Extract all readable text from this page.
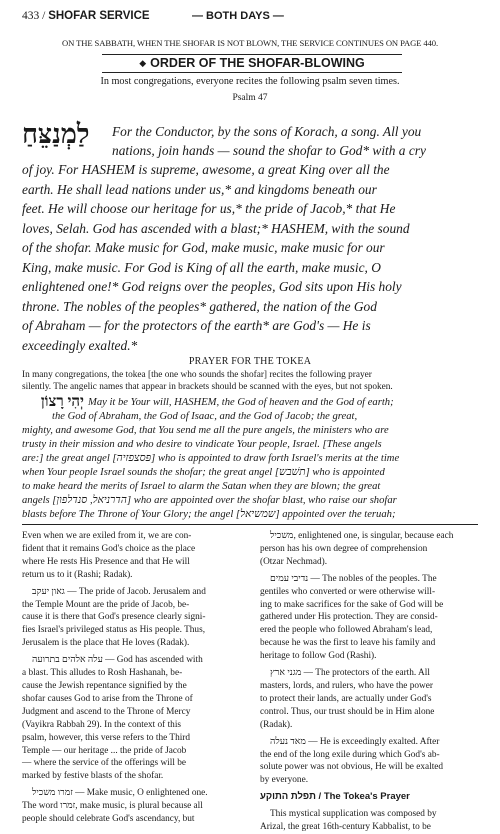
433 / SHOFAR SERVICE	— BOTH DAYS —
ON THE SABBATH, WHEN THE SHOFAR IS NOT BLOWN, THE SERVICE CONTINUES ON PAGE 440.
◆ ORDER OF THE SHOFAR-BLOWING
In most congregations, everyone recites the following psalm seven times.
Psalm 47
לַמְנַצֵּחַ For the Conductor, by the sons of Korach, a song. All you
nations, join hands — sound the shofar to God* with a cry
of joy. For HASHEM is supreme, awesome, a great King over all the
earth. He shall lead nations under us,* and kingdoms beneath our
feet. He will choose our heritage for us,* the pride of Jacob,* that He
loves, Selah. God has ascended with a blast;* HASHEM, with the sound
of the shofar. Make music for God, make music, make music for our
King, make music. For God is King of all the earth, make music, O
enlightened one!* God reigns over the peoples, God sits upon His holy
throne. The nobles of the peoples* gathered, the nation of the God
of Abraham — for the protectors of the earth* are God's — He is
exceedingly exalted.*
PRAYER FOR THE TOKEA
In many congregations, the tokea [the one who sounds the shofar] recites the following prayer
silently. The angelic names that appear in brackets should be scanned with the eyes, but not spoken.
יְהִי רָצוֹן May it be Your will, HASHEM, the God of heaven and the God of earth;
the God of Abraham, the God of Isaac, and the God of Jacob; the great,
mighty, and awesome God, that You send me all the pure angels, the ministers who are
trusty in their mission and who desire to vindicate Your people, Israel. [These angels
are:] the great angel [פּסצפזיה] who is appointed to draw forth Israel's merits at the time
when Your people Israel sounds the shofar; the great angel [תשׁבש] who is appointed
to make heard the merits of Israel to alarm the Satan when they are blown; the great
angels [הדרניאל, סנדלפון] who are appointed over the shofar blast, who raise our shofar
blasts before The Throne of Your Glory; the angel [שמשיאל] appointed over the teruah;

Even when we are exiled from it, we are con-

fident that it remains God's choice as the place

where He rests His Presence and that He will

return us to it (Rashi; Radak).

גאון יעקב — The pride of Jacob. Jerusalem and

the Temple Mount are the pride of Jacob, be-

cause it is there that God's presence clearly signi-

fies Israel's privileged status as His people. Thus,

Jerusalem is the place that He loves (Radak).

עלה אלהים בתרועה — God has ascended with

a blast. This alludes to Rosh Hashanah, be-

cause the Jewish repentance signified by the

shofar causes God to arise from the Throne of

Judgment and ascend to the Throne of Mercy

(Vayikra Rabbah 29). In the context of this

psalm, however, this verse refers to the Third

Temple — our heritage ... the pride of Jacob

— where the service of the offerings will be

marked by festive blasts of the shofar.

זמרו משכיל — Make music, O enlightened one.

The word זמרו, make music, is plural because all

people should celebrate God's ascendancy, but

משכיל, enlightened one, is singular, because each

person has his own degree of comprehension

(Otzar Nechmad).

נדיבי עמים — The nobles of the peoples. The

gentiles who converted or were otherwise will-

ing to make sacrifices for the sake of God will be

gathered under His protection. They are consid-

ered the people who followed Abraham's lead,

because he was the first to leave his family and

heritage to follow God (Rashi).

מגני ארץ — The protectors of the earth. All

masters, lords, and rulers, who have the power

to protect their lands, are actually under God's

control. Thus, our trust should be in Him alone

(Radak).

מאד נעלה — He is exceedingly exalted. After

the end of the long exile during which God's ab-

solute power was not obvious, He will be exalted

by everyone.

תפלת התוקע / The Tokea's Prayer

This mystical supplication was composed by

Arizal, the great 16th-century Kabbalist, to be
